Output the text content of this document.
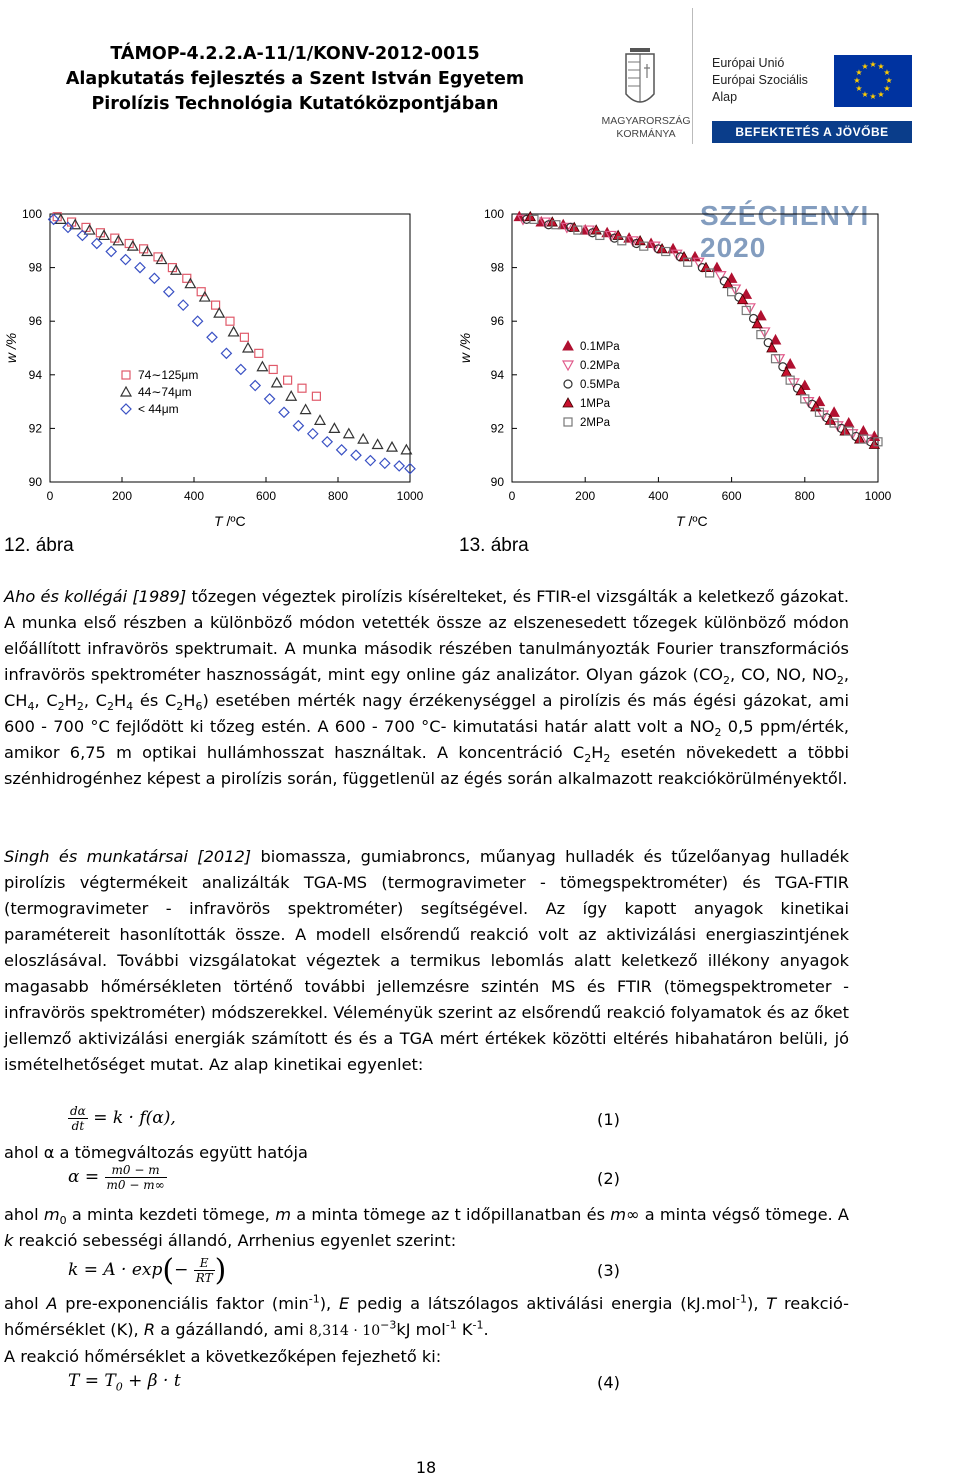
TÁMOP-4.2.2.A-11/1/KONV-2012-0015
Alapkutatás fejlesztés a Szent István Egyetem
Pirolízis Technológia Kutatóközpontjában
MAGYARORSZÁG
KORMÁNYA
Európai Unió
Európai Szociális
Alap
★ ★
★
★
★
★
★
★
★
★
★
★
BEFEKTETÉS A JÖVŐBE
SZÉCHENYI 2020
0	200	400	600	800	1000
90
92
94
96
98
100
w /%
T /ºC
74∼125μm
44∼74μm
< 44μm
12. ábra
0	200	400	600	800	1000
90
92
94
96
98
100
w /%
T /ºC
0.1MPa
0.2MPa
0.5MPa
1MPa
2MPa
13. ábra

Aho és kollégái [1989] tőzegen végeztek pirolízis kísérelteket, és FTIR-el vizsgálták a keletkező gázokat. A munka első részben a különböző módon vetették össze az elszenesedett tőzegek különböző módon előállított infravörös spektrumait. A munka második részében tanulmányozták Fourier transzformációs infravörös spektrométer hasznosságát, mint egy online gáz analizátor. Olyan gázok ($CO_2$, CO, NO, $NO_2$, $CH_4$, $C_2H_2$, $C_2H_4$ és $C_2H_6$) esetében mérték nagy érzékenységgel a pirolízis és más égési gázokat, ami 600 - 700 °C fejlődött ki tőzeg estén. A 600 - 700 °C- kimutatási határ alatt volt a $NO_2$ 0,5 ppm/érték, amikor 6,75 m optikai hullámhosszat használtak. A koncentráció $C_2H_2$ esetén növekedett a többi szénhidrogénhez képest a pirolízis során, függetlenül az égés során alkalmazott reakciókörülményektől.

Singh és munkatársai [2012] biomassza, gumiabroncs, műanyag hulladék és tűzelőanyag hulladék pirolízis végtermékeit analizálták TGA-MS (termogravimeter - tömegspektrométer) és TGA-FTIR (termogravimeter - infravörös spektrométer) segítségével. Az így kapott anyagok kinetikai paramétereit hasonlították össze. A modell elsőrendű reakció volt az aktivizálási energiaszintjének eloszlásával. További vizsgálatokat végeztek a termikus lebomlás alatt keletkező illékony anyagok magasabb hőmérsékleten történő további jellemzésre szintén MS és FTIR (tömegspektrometer - infravörös spektrométer) módszerekkel. Véleményük szerint az elsőrendű reakció folyamatok és az őket jellemző aktivizálási energiák számított és és a TGA mért értékek közötti eltérés hibahatáron belüli, jó ismételhetőséget mutat. Az alap kinetikai egyenlet:

$\frac{d\alpha}{dt} = k \cdot f(\alpha)$,	(1)

ahol α a tömegváltozás együtt hatója

$\alpha = \frac{m0 - m}{m0 - m\infty}$	(2)

ahol $m_0$ a minta kezdeti tömege, m a minta tömege az t időpillanatban és m∞ a minta végső tömege. A k reakció sebességi állandó, Arrhenius egyenlet szerint:

$k = A \cdot \exp(- \frac{E}{RT}$ )	(3)

ahol A pre-exponenciális faktor $(\min^{-1})$, E pedig a látszólagos aktiválási energia (kJ.mol$^{-1}$), T reakció-hőmérséklet (K), R a gázállandó, ami $8,314 \cdot 10^{-3}kJ$ mol$^{-1}$ $K^{-1}$.

A reakció hőmérséklet a következőképen fejezhető ki:

$T = T_0 + \beta \cdot t$	(4)
18
